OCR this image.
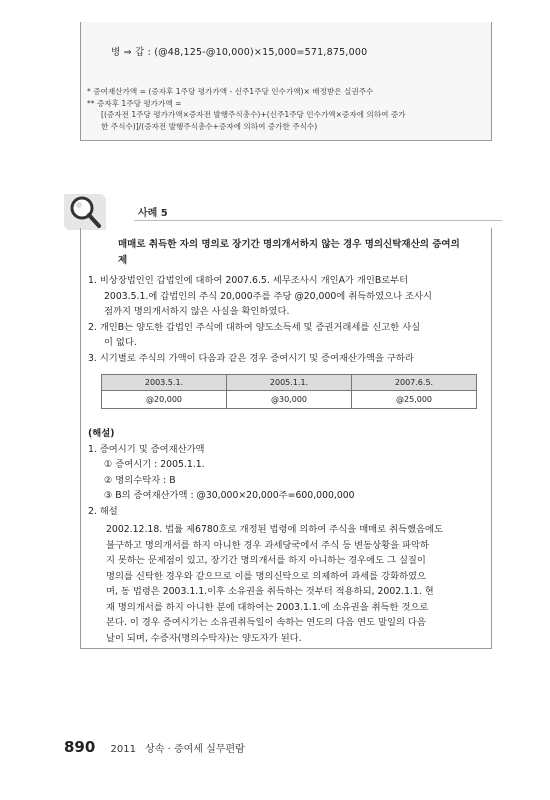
병 ⇒ 갑 : (@48,125-@10,000)×15,000=571,875,000
* 증여재산가액 = (증자후 1주당 평가가액 - 신주1주당 인수가액)× 배정받은 실권주수
** 증자후 1주당 평가가액 =
[(증자전 1주당 평가가액×증자전 발행주식총수)+(신주1주당 인수가액×증자에 의하여 증가
한 주식수)]/(증자전 발행주식총수+증자에 의하여 증가한 주식수)
사례 5
매매로 취득한 자의 명의로 장기간 명의개서하지 않는 경우 명의신탁재산의 증여의제
1. 비상장법인인 갑법인에 대하여 2007.6.5. 세무조사시 개인A가 개인B로부터
2003.5.1.에 갑법인의 주식 20,000주를 주당 @20,000에 취득하였으나 조사시
점까지 명의개서하지 않은 사실을 확인하였다.
2. 개인B는 양도한 갑법인 주식에 대하여 양도소득세 및 증권거래세를 신고한 사실
이 없다.
3. 시기별로 주식의 가액이 다음과 같은 경우 증여시기 및 증여재산가액을 구하라
2003.5.1.	2005.1.1.	2007.6.5.
@20,000	@30,000	@25,000
(해설)
1. 증여시기 및 증여재산가액
① 증여시기 : 2005.1.1.
② 명의수탁자 : B
③ B의 증여재산가액 : @30,000×20,000주=600,000,000
2. 해설
2002.12.18. 법률 제6780호로 개정된 법령에 의하여 주식을 매매로 취득했음에도
불구하고 명의개서를 하지 아니한 경우 과세당국에서 주식 등 변동상황을 파악하
지 못하는 문제점이 있고, 장기간 명의개서를 하지 아니하는 경우에도 그 실질이
명의를 신탁한 경우와 같으므로 이를 명의신탁으로 의제하여 과세를 강화하였으
며, 동 법령은 2003.1.1.이후 소유권을 취득하는 것부터 적용하되, 2002.1.1. 현
재 명의개서를 하지 아니한 분에 대하여는 2003.1.1.에 소유권을 취득한 것으로
본다. 이 경우 증여시기는 소유권취득일이 속하는 연도의 다음 연도 말일의 다음
날이 되며, 수증자(명의수탁자)는 양도자가 된다.
890 2011 상속 · 증여세 실무편람
